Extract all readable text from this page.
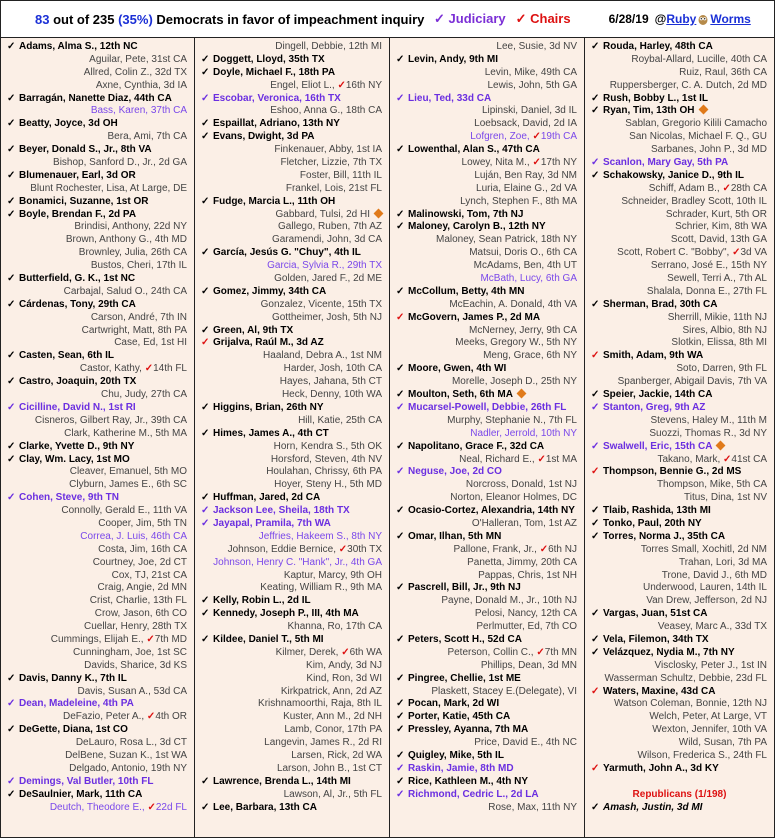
83 out of 235 (35%) Democrats in favor of impeachment inquiry ✓ Judiciary ✓ Chairs	6/28/19 @ Ruby Worms
✓ Adams, Alma S., 12th NC
Aguilar, Pete, 31st CA
Allred, Colin Z., 32d TX
Axne, Cynthia, 3d IA
✓ Barragán, Nanette Diaz, 44th CA
Bass, Karen, 37th CA
✓ Beatty, Joyce, 3d OH
Bera, Ami, 7th CA
✓ Beyer, Donald S., Jr., 8th VA
Bishop, Sanford D., Jr., 2d GA
✓ Blumenauer, Earl, 3d OR
Blunt Rochester, Lisa, At Large, DE
✓ Bonamici, Suzanne, 1st OR
✓ Boyle, Brendan F., 2d PA
Brindisi, Anthony, 22d NY
Brown, Anthony G., 4th MD
Brownley, Julia, 26th CA
Bustos, Cheri, 17th IL
✓ Butterfield, G. K., 1st NC
Carbajal, Salud O., 24th CA
✓ Cárdenas, Tony, 29th CA
Carson, André, 7th IN
Cartwright, Matt, 8th PA
Case, Ed, 1st HI
✓ Casten, Sean, 6th IL
Castor, Kathy, ✓14th FL
✓ Castro, Joaquin, 20th TX
Chu, Judy, 27th CA
✓ Cicilline, David N., 1st RI
Cisneros, Gilbert Ray, Jr., 39th CA
Clark, Katherine M., 5th MA
✓ Clarke, Yvette D., 9th NY
✓ Clay, Wm. Lacy, 1st MO
Cleaver, Emanuel, 5th MO
Clyburn, James E., 6th SC
✓ Cohen, Steve, 9th TN
Connolly, Gerald E., 11th VA
Cooper, Jim, 5th TN
Correa, J. Luis, 46th CA
Costa, Jim, 16th CA
Courtney, Joe, 2d CT
Cox, TJ, 21st CA
Craig, Angie, 2d MN
Crist, Charlie, 13th FL
Crow, Jason, 6th CO
Cuellar, Henry, 28th TX
Cummings, Elijah E., ✓7th MD
Cunningham, Joe, 1st SC
Davids, Sharice, 3d KS
✓ Davis, Danny K., 7th IL
Davis, Susan A., 53d CA
✓ Dean, Madeleine, 4th PA
DeFazio, Peter A., ✓4th OR
✓ DeGette, Diana, 1st CO
DeLauro, Rosa L., 3d CT
DelBene, Suzan K., 1st WA
Delgado, Antonio, 19th NY
✓ Demings, Val Butler, 10th FL
✓ DeSaulnier, Mark, 11th CA
Deutch, Theodore E., ✓22d FL
Dingell, Debbie, 12th MI
✓ Doggett, Lloyd, 35th TX
✓ Doyle, Michael F., 18th PA
Engel, Eliot L., ✓16th NY
✓ Escobar, Veronica, 16th TX
Eshoo, Anna G., 18th CA
✓ Espaillat, Adriano, 13th NY
✓ Evans, Dwight, 3d PA
Finkenauer, Abby, 1st IA
Fletcher, Lizzie, 7th TX
Foster, Bill, 11th IL
Frankel, Lois, 21st FL
✓ Fudge, Marcia L., 11th OH
Gabbard, Tulsi, 2d HI
Gallego, Ruben, 7th AZ
Garamendi, John, 3d CA
✓ García, Jesús G. "Chuy", 4th IL
Garcia, Sylvia R., 29th TX
Golden, Jared F., 2d ME
✓ Gomez, Jimmy, 34th CA
Gonzalez, Vicente, 15th TX
Gottheimer, Josh, 5th NJ
✓ Green, Al, 9th TX
✓ Grijalva, Raúl M., 3d AZ
Haaland, Debra A., 1st NM
Harder, Josh, 10th CA
Hayes, Jahana, 5th CT
Heck, Denny, 10th WA
✓ Higgins, Brian, 26th NY
Hill, Katie, 25th CA
✓ Himes, James A., 4th CT
Horn, Kendra S., 5th OK
Horsford, Steven, 4th NV
Houlahan, Chrissy, 6th PA
Hoyer, Steny H., 5th MD
✓ Huffman, Jared, 2d CA
✓ Jackson Lee, Sheila, 18th TX
✓ Jayapal, Pramila, 7th WA
Jeffries, Hakeem S., 8th NY
Johnson, Eddie Bernice, ✓30th TX
Johnson, Henry C. "Hank", Jr., 4th GA
Kaptur, Marcy, 9th OH
Keating, William R., 9th MA
✓ Kelly, Robin L., 2d IL
✓ Kennedy, Joseph P., III, 4th MA
Khanna, Ro, 17th CA
✓ Kildee, Daniel T., 5th MI
Kilmer, Derek, ✓6th WA
Kim, Andy, 3d NJ
Kind, Ron, 3d WI
Kirkpatrick, Ann, 2d AZ
Krishnamoorthi, Raja, 8th IL
Kuster, Ann M., 2d NH
Lamb, Conor, 17th PA
Langevin, James R., 2d RI
Larsen, Rick, 2d WA
Larson, John B., 1st CT
✓ Lawrence, Brenda L., 14th MI
Lawson, Al, Jr., 5th FL
✓ Lee, Barbara, 13th CA
Lee, Susie, 3d NV
✓ Levin, Andy, 9th MI
Levin, Mike, 49th CA
Lewis, John, 5th GA
✓ Lieu, Ted, 33d CA
Lipinski, Daniel, 3d IL
Loebsack, David, 2d IA
Lofgren, Zoe, ✓19th CA
✓ Lowenthal, Alan S., 47th CA
Lowey, Nita M., ✓17th NY
Luján, Ben Ray, 3d NM
Luria, Elaine G., 2d VA
Lynch, Stephen F., 8th MA
✓ Malinowski, Tom, 7th NJ
✓ Maloney, Carolyn B., 12th NY
Maloney, Sean Patrick, 18th NY
Matsui, Doris O., 6th CA
McAdams, Ben, 4th UT
McBath, Lucy, 6th GA
✓ McCollum, Betty, 4th MN
McEachin, A. Donald, 4th VA
✓ McGovern, James P., 2d MA
McNerney, Jerry, 9th CA
Meeks, Gregory W., 5th NY
Meng, Grace, 6th NY
✓ Moore, Gwen, 4th WI
Morelle, Joseph D., 25th NY
✓ Moulton, Seth, 6th MA
✓ Mucarsel-Powell, Debbie, 26th FL
Murphy, Stephanie N., 7th FL
Nadler, Jerrold, 10th NY
✓ Napolitano, Grace F., 32d CA
Neal, Richard E., ✓1st MA
✓ Neguse, Joe, 2d CO
Norcross, Donald, 1st NJ
Norton, Eleanor Holmes, DC
✓ Ocasio-Cortez, Alexandria, 14th NY
O'Halleran, Tom, 1st AZ
✓ Omar, Ilhan, 5th MN
Pallone, Frank, Jr., ✓6th NJ
Panetta, Jimmy, 20th CA
Pappas, Chris, 1st NH
✓ Pascrell, Bill, Jr., 9th NJ
Payne, Donald M., Jr., 10th NJ
Pelosi, Nancy, 12th CA
Perlmutter, Ed, 7th CO
✓ Peters, Scott H., 52d CA
Peterson, Collin C., ✓7th MN
Phillips, Dean, 3d MN
✓ Pingree, Chellie, 1st ME
Plaskett, Stacey E.(Delegate), VI
✓ Pocan, Mark, 2d WI
✓ Porter, Katie, 45th CA
✓ Pressley, Ayanna, 7th MA
Price, David E., 4th NC
✓ Quigley, Mike, 5th IL
✓ Raskin, Jamie, 8th MD
✓ Rice, Kathleen M., 4th NY
✓ Richmond, Cedric L., 2d LA
Rose, Max, 11th NY
✓ Rouda, Harley, 48th CA
Roybal-Allard, Lucille, 40th CA
Ruiz, Raul, 36th CA
Ruppersberger, C. A. Dutch, 2d MD
✓ Rush, Bobby L., 1st IL
✓ Ryan, Tim, 13th OH
Sablan, Gregorio Kilili Camacho
San Nicolas, Michael F. Q., GU
Sarbanes, John P., 3d MD
✓ Scanlon, Mary Gay, 5th PA
✓ Schakowsky, Janice D., 9th IL
Schiff, Adam B., ✓28th CA
Schneider, Bradley Scott, 10th IL
Schrader, Kurt, 5th OR
Schrier, Kim, 8th WA
Scott, David, 13th GA
Scott, Robert C. "Bobby", ✓3d VA
Serrano, José E., 15th NY
Sewell, Terri A., 7th AL
Shalala, Donna E., 27th FL
✓ Sherman, Brad, 30th CA
Sherrill, Mikie, 11th NJ
Sires, Albio, 8th NJ
Slotkin, Elissa, 8th MI
✓ Smith, Adam, 9th WA
Soto, Darren, 9th FL
Spanberger, Abigail Davis, 7th VA
✓ Speier, Jackie, 14th CA
✓ Stanton, Greg, 9th AZ
Stevens, Haley M., 11th M
Suozzi, Thomas R., 3d NY
✓ Swalwell, Eric, 15th CA
Takano, Mark, ✓41st CA
✓ Thompson, Bennie G., 2d MS
Thompson, Mike, 5th CA
Titus, Dina, 1st NV
✓ Tlaib, Rashida, 13th MI
✓ Tonko, Paul, 20th NY
✓ Torres, Norma J., 35th CA
Torres Small, Xochitl, 2d NM
Trahan, Lori, 3d MA
Trone, David J., 6th MD
Underwood, Lauren, 14th IL
Van Drew, Jefferson, 2d NJ
✓ Vargas, Juan, 51st CA
Veasey, Marc A., 33d TX
✓ Vela, Filemon, 34th TX
✓ Velázquez, Nydia M., 7th NY
Visclosky, Peter J., 1st IN
Wasserman Schultz, Debbie, 23d FL
✓ Waters, Maxine, 43d CA
Watson Coleman, Bonnie, 12th NJ
Welch, Peter, At Large, VT
Wexton, Jennifer, 10th VA
Wild, Susan, 7th PA
Wilson, Frederica S., 24th FL
✓ Yarmuth, John A., 3d KY
Republicans (1/198)
✓ Amash, Justin, 3d MI
